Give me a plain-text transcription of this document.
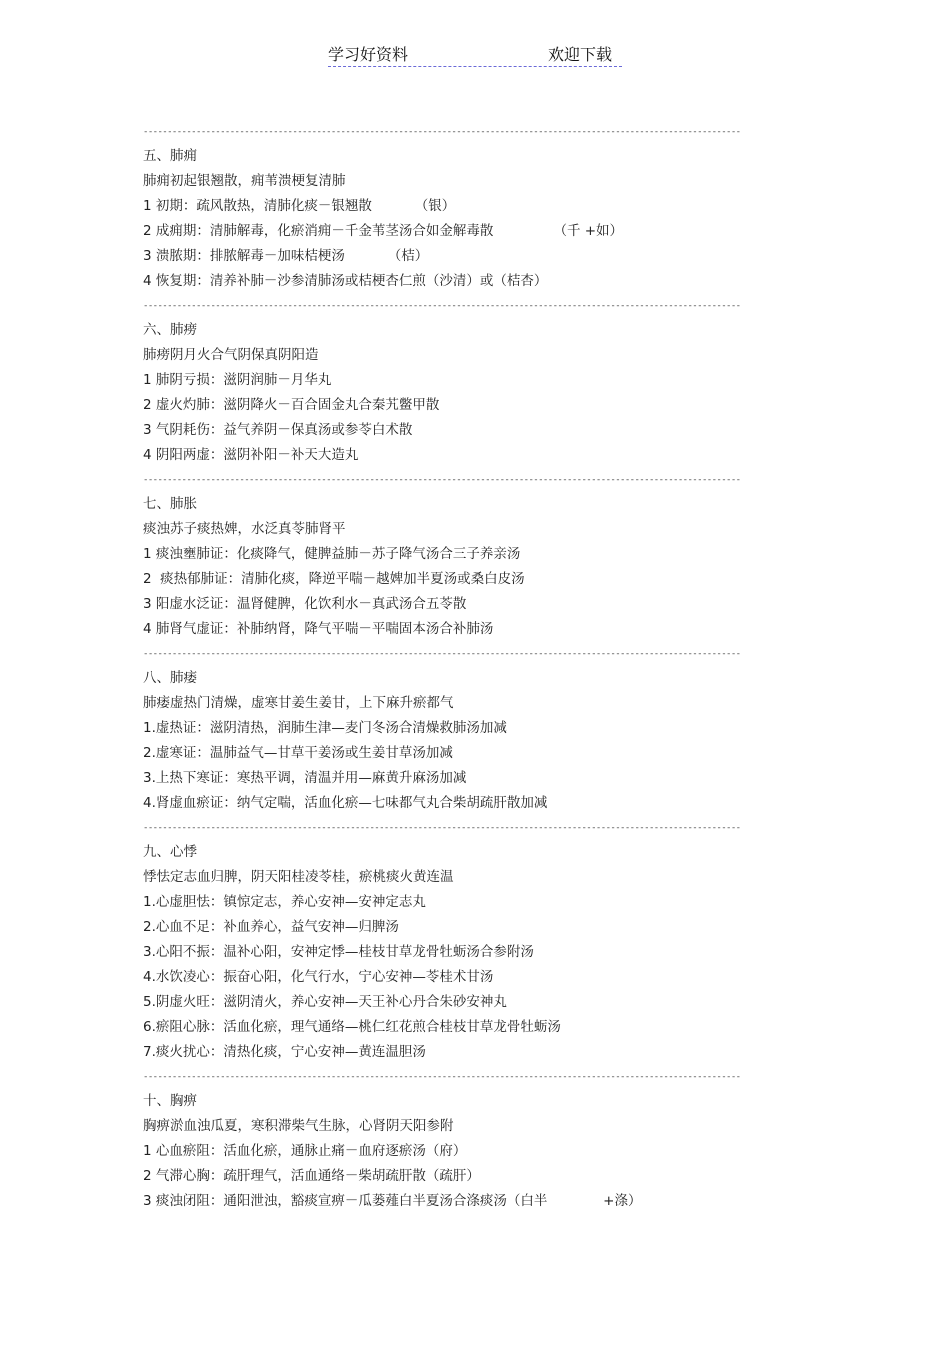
学习好资料	欢迎下载
----------------------------------------------------------------------------------------------------------------------------
五、肺痈
肺痈初起银翘散，痈苇溃梗复清肺
1 初期：疏风散热，清肺化痰－银翘散          （银）
2 成痈期：清肺解毒，化瘀消痈－千金苇茎汤合如金解毒散              （千 +如）
3 溃脓期：排脓解毒－加味桔梗汤          （桔）
4 恢复期：清养补肺－沙参清肺汤或桔梗杏仁煎（沙清）或（桔杏）
----------------------------------------------------------------------------------------------------------------------------
六、肺痨
肺痨阴月火合气阴保真阴阳造
1 肺阴亏损：滋阴润肺－月华丸
2 虚火灼肺：滋阴降火－百合固金丸合秦艽鳖甲散
3 气阴耗伤：益气养阴－保真汤或参苓白术散
4 阴阳两虚：滋阴补阳－补天大造丸
----------------------------------------------------------------------------------------------------------------------------
七、肺胀
痰浊苏子痰热婢，水泛真苓肺肾平
1 痰浊壅肺证：化痰降气，健脾益肺－苏子降气汤合三子养亲汤
2  痰热郁肺证：清肺化痰，降逆平喘－越婢加半夏汤或桑白皮汤
3 阳虚水泛证：温肾健脾，化饮利水－真武汤合五苓散
4 肺肾气虚证：补肺纳肾，降气平喘－平喘固本汤合补肺汤
----------------------------------------------------------------------------------------------------------------------------
八、肺痿
肺痿虚热门清燥，虚寒甘姜生姜甘，上下麻升瘀都气
1.虚热证：滋阴清热，润肺生津—麦门冬汤合清燥救肺汤加减
2.虚寒证：温肺益气—甘草干姜汤或生姜甘草汤加减
3.上热下寒证：寒热平调，清温并用—麻黄升麻汤加减
4.肾虚血瘀证：纳气定喘，活血化瘀—七味都气丸合柴胡疏肝散加减
----------------------------------------------------------------------------------------------------------------------------
九、心悸
悸怯定志血归脾，阴天阳桂凌苓桂，瘀桃痰火黄连温
1.心虚胆怯：镇惊定志，养心安神—安神定志丸
2.心血不足：补血养心，益气安神—归脾汤
3.心阳不振：温补心阳，安神定悸—桂枝甘草龙骨牡蛎汤合参附汤
4.水饮凌心：振奋心阳，化气行水，宁心安神—苓桂术甘汤
5.阴虚火旺：滋阴清火，养心安神—天王补心丹合朱砂安神丸
6.瘀阻心脉：活血化瘀，理气通络—桃仁红花煎合桂枝甘草龙骨牡蛎汤
7.痰火扰心：清热化痰，宁心安神—黄连温胆汤
----------------------------------------------------------------------------------------------------------------------------
十、胸痹
胸痹淤血浊瓜夏，寒积滞柴气生脉，心肾阴天阳参附
1 心血瘀阻：活血化瘀，通脉止痛－血府逐瘀汤（府）
2 气滞心胸：疏肝理气，活血通络－柴胡疏肝散（疏肝）
3 痰浊闭阻：通阳泄浊，豁痰宣痹－瓜蒌薤白半夏汤合涤痰汤（白半             +涤）
